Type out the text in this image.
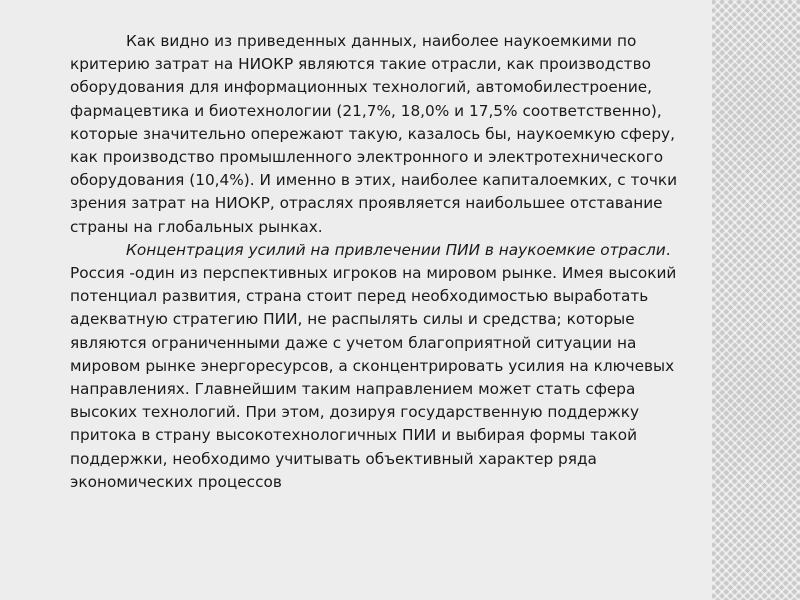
Как видно из приведенных данных, наиболее наукоемкими по критерию затрат на НИОКР являются такие отрасли, как производство оборудования для информационных технологий, автомобилестроение, фармацевтика и биотехнологии (21,7%, 18,0% и 17,5% соответственно), которые значительно опережают такую, казалось бы, наукоемкую сферу, как производство промышленного электронного и электротехнического оборудования (10,4%). И именно в этих, наиболее капиталоемких, с точки зрения затрат на НИОКР, отраслях проявляется наибольшее отставание страны на глобальных рынках.

Концентрация усилий на привлечении ПИИ в наукоемкие отрасли. Россия -один из перспективных игроков на мировом рынке. Имея высокий потенциал развития, страна стоит перед необходимостью выработать адекватную стратегию ПИИ, не распылять силы и средства; которые являются ограниченными даже с учетом благоприятной ситуации на мировом рынке энергоресурсов, а сконцентрировать усилия на ключевых направлениях. Главнейшим таким направлением может стать сфера высоких технологий. При этом, дозируя государственную поддержку притока в страну высокотехнологичных ПИИ и выбирая формы такой поддержки, необходимо учитывать объективный характер ряда экономических процессов
